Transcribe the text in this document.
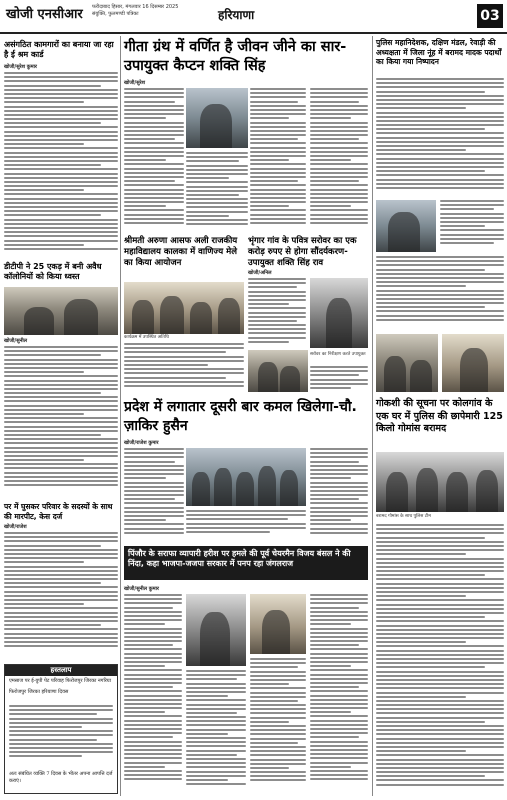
खोजी एनसीआर फरीदाबाद हिसार, मंगलवार 16 दिसम्बर 2025
संयुक्ति, फुलमण्डी पत्रिका	हरियाणा	03
असंगठित कामगारों का बनाया जा रहा है ई श्रम कार्ड
खोजी/सुरेश कुमार
डीटीपी ने 25 एकड़ में बनी अवैध कॉलोनियों को किया ध्वस्त
खोजी/सुनील
पर में घुसकर परिवार के सदस्यों के साथ की मारपीट, केस दर्ज
खोजी/राजेश
हस्तलाप
एमसाज पर ई-युपी पेट परिवाह फिरोजपुर जिरका नगरिया
फिरोजपुर जिरका हरियाणा दिवस
अतः संबंधित व्यक्ति 7 दिवस के भीतर अपना आपत्ति दर्ज कराएं।
गीता ग्रंथ में वर्णित है जीवन जीने का सार-उपायुक्त कैप्टन शक्ति सिंह
खोजी/सुरेश
श्रीमती अरुणा आसफ अली राजकीय महाविद्यालय कालका में वाणिज्य मेले का किया आयोजन
कार्यक्रम में उपस्थित अतिथि
भृंगार गांव के पवित्र सरोवर का एक करोड़ रुपए से होगा सौंदर्यकरण-उपायुक्त शक्ति सिंह राव
खोजी/अनिल
सरोवर का निरीक्षण करते उपायुक्त
प्रदेश में लगातार दूसरी बार कमल खिलेगा-चौ. ज़ाकिर हुसैन
खोजी/राजेश कुमार
पिंजौर के सराफा व्यापारी हरीश पर हमले की पूर्व चेयरमैन विजय बंसल ने की निंदा, कहा भाजपा-जजपा सरकार में पनप रहा जंगलराज
खोजी/सुनील कुमार
पुलिस महानिदेशक, दक्षिण मंडल, रेवाड़ी की अध्यक्षता में जिला नूंह में बरामद मादक पदार्थों का किया गया निष्पादन
गोकशी की सूचना पर कोलगांव के एक घर में पुलिस की छापेमारी 125 किलो गोमांस बरामद
बरामद गोमांस के साथ पुलिस टीम
